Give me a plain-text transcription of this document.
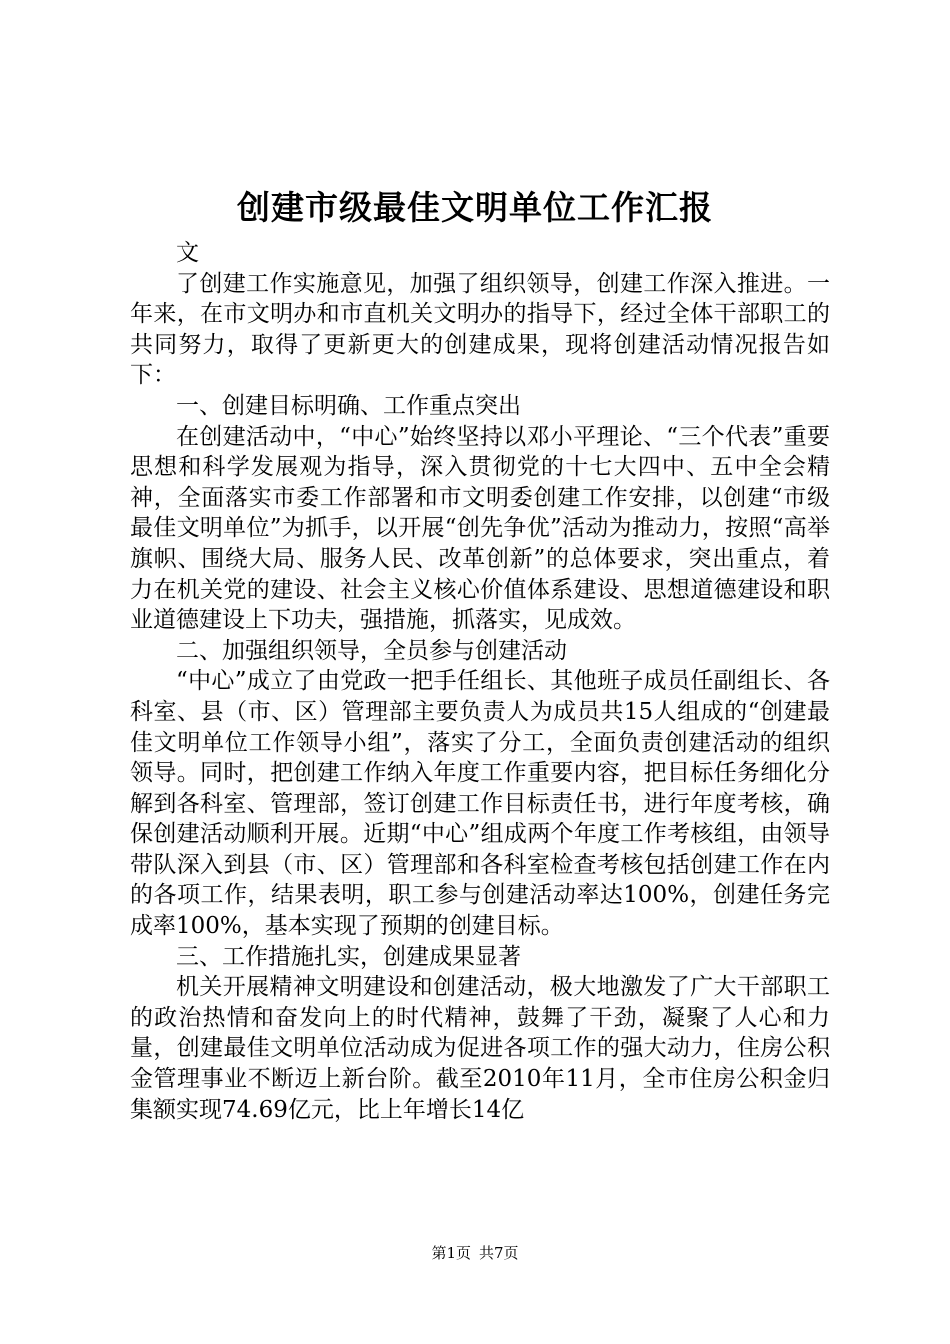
创建市级最佳文明单位工作汇报

文

了创建工作实施意见，加强了组织领导，创建工作深入推进。一年来，在市文明办和市直机关文明办的指导下，经过全体干部职工的共同努力，取得了更新更大的创建成果，现将创建活动情况报告如下：

一、创建目标明确、工作重点突出

在创建活动中，“中心”始终坚持以邓小平理论、“三个代表”重要思想和科学发展观为指导，深入贯彻党的十七大四中、五中全会精神，全面落实市委工作部署和市文明委创建工作安排，以创建“市级最佳文明单位”为抓手，以开展“创先争优”活动为推动力，按照“高举旗帜、围绕大局、服务人民、改革创新”的总体要求，突出重点，着力在机关党的建设、社会主义核心价值体系建设、思想道德建设和职业道德建设上下功夫，强措施，抓落实，见成效。

二、加强组织领导，全员参与创建活动

“中心”成立了由党政一把手任组长、其他班子成员任副组长、各科室、县（市、区）管理部主要负责人为成员共15人组成的“创建最佳文明单位工作领导小组”，落实了分工，全面负责创建活动的组织领导。同时，把创建工作纳入年度工作重要内容，把目标任务细化分解到各科室、管理部，签订创建工作目标责任书，进行年度考核，确保创建活动顺利开展。近期“中心”组成两个年度工作考核组，由领导带队深入到县（市、区）管理部和各科室检查考核包括创建工作在内的各项工作，结果表明，职工参与创建活动率达100%，创建任务完成率100%，基本实现了预期的创建目标。

三、工作措施扎实，创建成果显著

机关开展精神文明建设和创建活动，极大地激发了广大干部职工的政治热情和奋发向上的时代精神，鼓舞了干劲，凝聚了人心和力量，创建最佳文明单位活动成为促进各项工作的强大动力，住房公积金管理事业不断迈上新台阶。截至2010年11月，全市住房公积金归集额实现74.69亿元，比上年增长14亿

第1页 共7页
